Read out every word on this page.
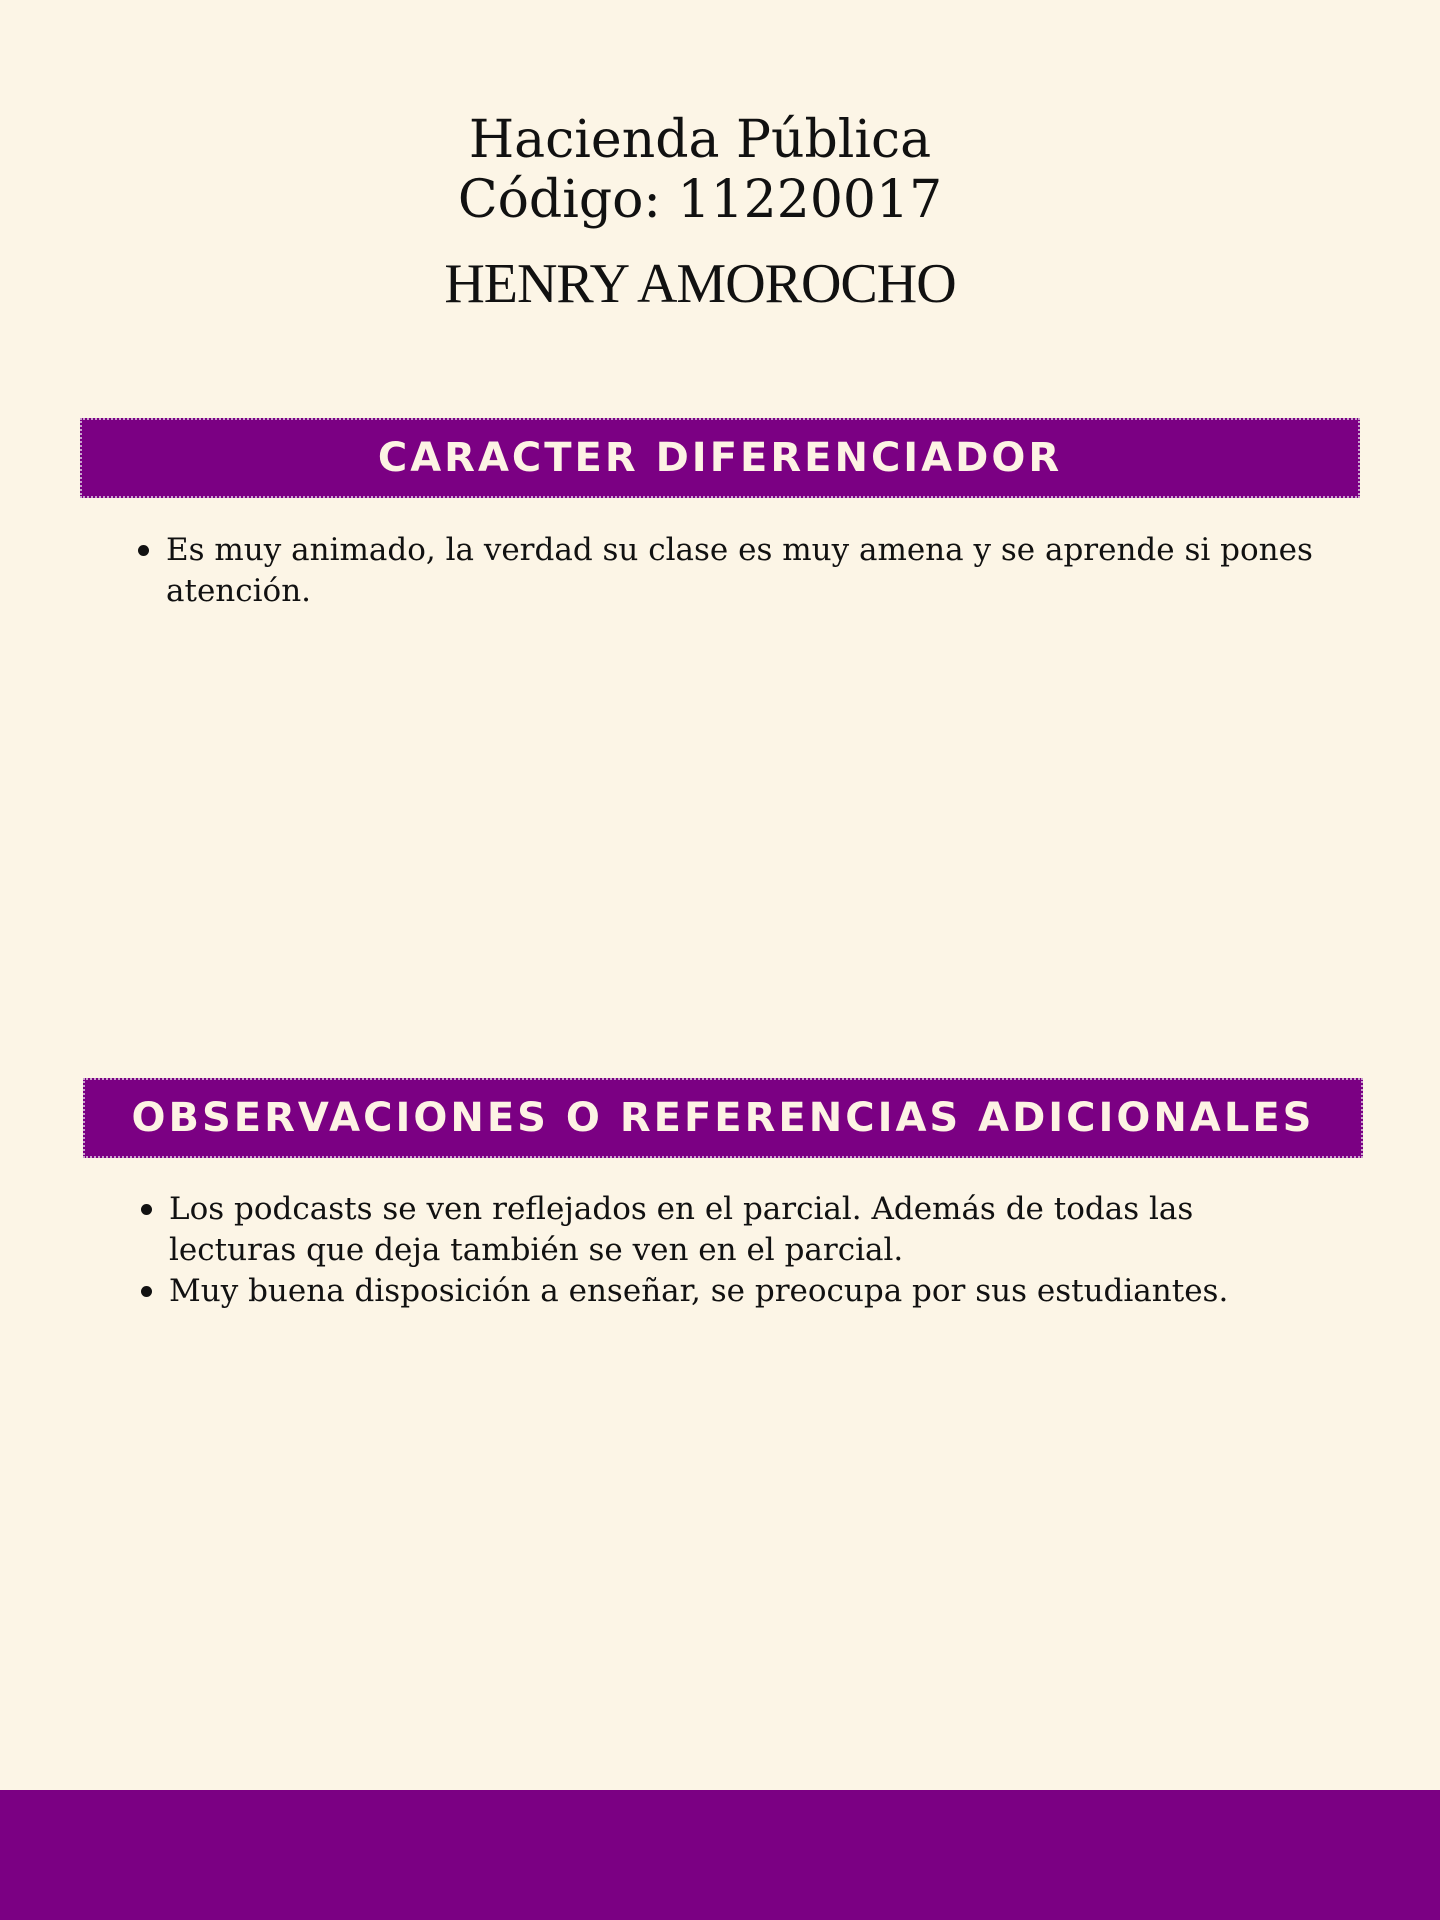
Hacienda Pública

Código: 11220017

HENRY AMOROCHO

CARACTER DIFERENCIADOR
Es muy animado, la verdad su clase es muy amena y se aprende si pones atención.
OBSERVACIONES O REFERENCIAS ADICIONALES
Los podcasts se ven reflejados en el parcial. Además de todas las lecturas que deja también se ven en el parcial.
Muy buena disposición a enseñar, se preocupa por sus estudiantes.
